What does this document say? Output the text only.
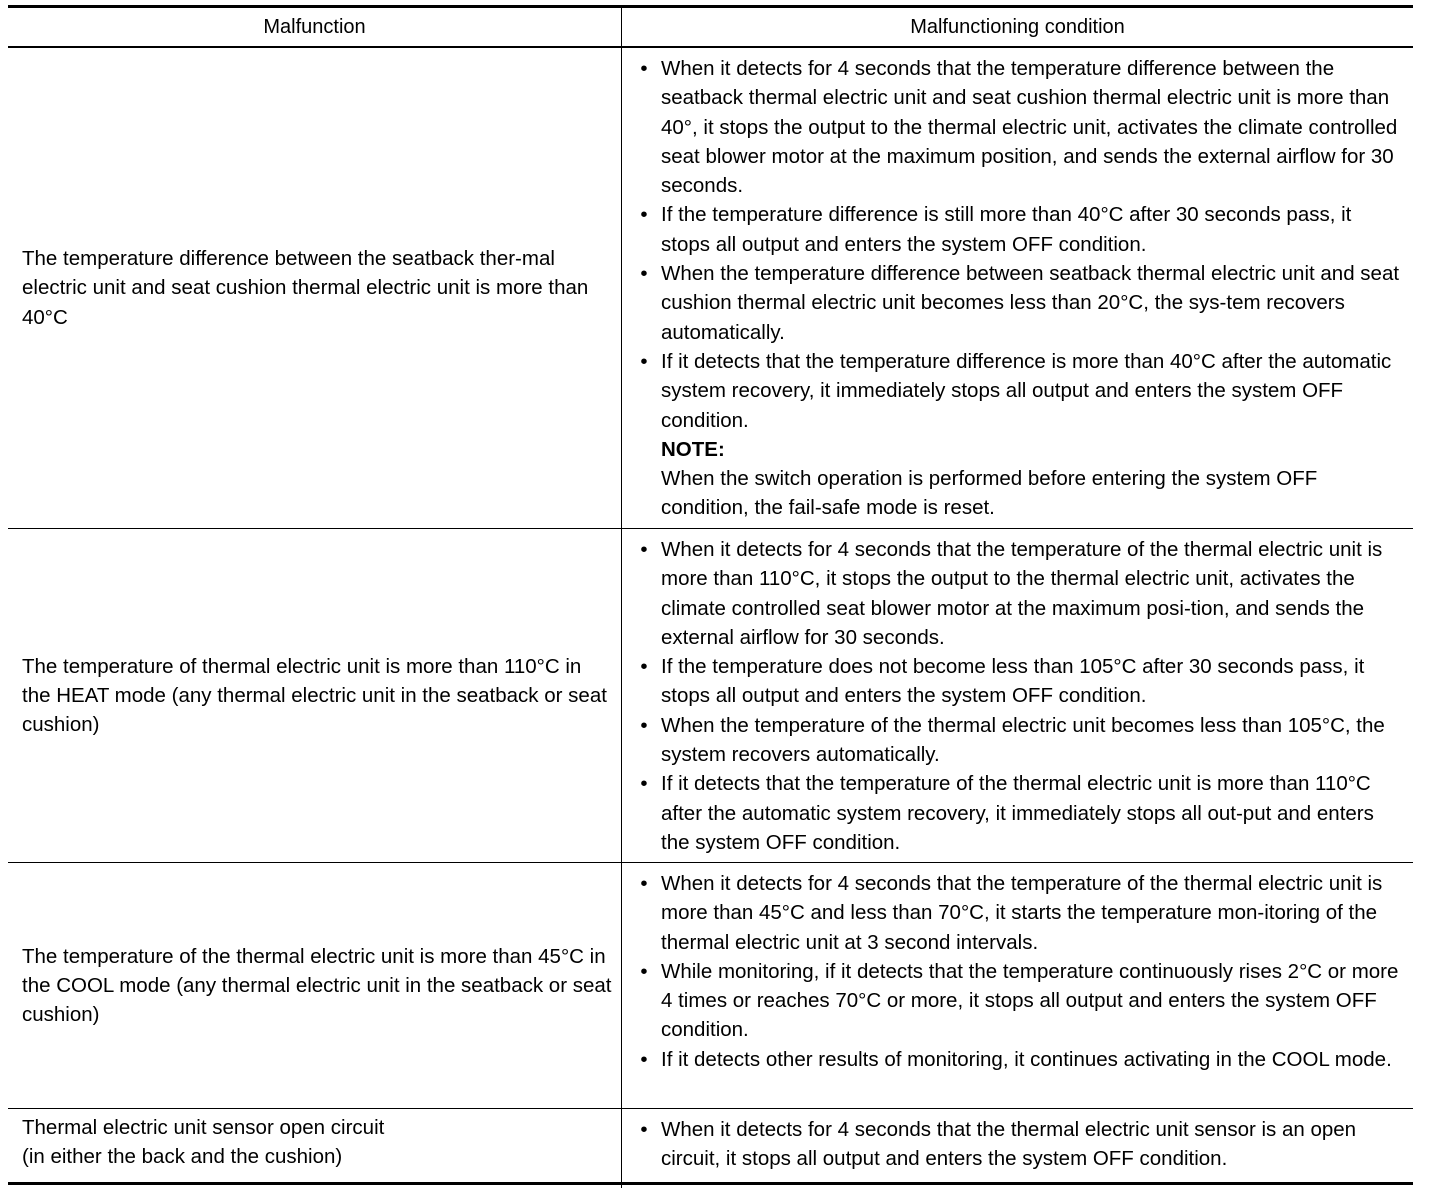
Malfunction	Malfunctioning condition
The temperature difference between the seatback ther-mal electric unit and seat cushion thermal electric unit is more than 40°C
• When it detects for 4 seconds that the temperature difference between the seatback thermal electric unit and seat cushion thermal electric unit is more than 40°, it stops the output to the thermal electric unit, activates the climate controlled seat blower motor at the maximum position, and sends the external airflow for 30 seconds.
• If the temperature difference is still more than 40°C after 30 seconds pass, it stops all output and enters the system OFF condition.
• When the temperature difference between seatback thermal electric unit and seat cushion thermal electric unit becomes less than 20°C, the sys-tem recovers automatically.
• If it detects that the temperature difference is more than 40°C after the automatic system recovery, it immediately stops all output and enters the system OFF condition.
NOTE:
When the switch operation is performed before entering the system OFF condition, the fail-safe mode is reset.
The temperature of thermal electric unit is more than 110°C in the HEAT mode (any thermal electric unit in the seatback or seat cushion)
• When it detects for 4 seconds that the temperature of the thermal electric unit is more than 110°C, it stops the output to the thermal electric unit, activates the climate controlled seat blower motor at the maximum posi-tion, and sends the external airflow for 30 seconds.
• If the temperature does not become less than 105°C after 30 seconds pass, it stops all output and enters the system OFF condition.
• When the temperature of the thermal electric unit becomes less than 105°C, the system recovers automatically.
• If it detects that the temperature of the thermal electric unit is more than 110°C after the automatic system recovery, it immediately stops all out-put and enters the system OFF condition.
The temperature of the thermal electric unit is more than 45°C in the COOL mode (any thermal electric unit in the seatback or seat cushion)
• When it detects for 4 seconds that the temperature of the thermal electric unit is more than 45°C and less than 70°C, it starts the temperature mon-itoring of the thermal electric unit at 3 second intervals.
• While monitoring, if it detects that the temperature continuously rises 2°C or more 4 times or reaches 70°C or more, it stops all output and enters the system OFF condition.
• If it detects other results of monitoring, it continues activating in the COOL mode.
Thermal electric unit sensor open circuit
(in either the back and the cushion)
• When it detects for 4 seconds that the thermal electric unit sensor is an open circuit, it stops all output and enters the system OFF condition.
